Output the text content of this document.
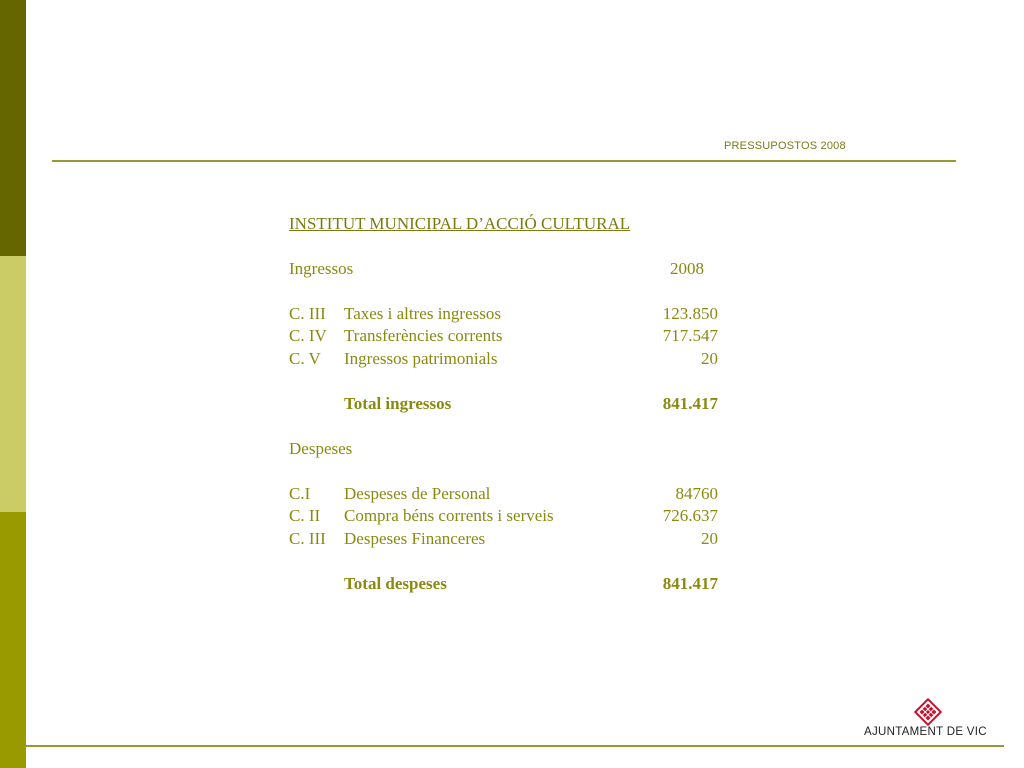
PRESSUPOSTOS 2008
INSTITUT MUNICIPAL D’ACCIÓ CULTURAL
Ingressos	2008
C. III Taxes i altres ingressos	123.850
C. IV Transferències corrents	717.547
C. V Ingressos patrimonials	20
Total ingressos	841.417
Despeses
C.I Despeses de Personal	84760
C. II Compra béns corrents i serveis	726.637
C. III Despeses Financeres	20
Total despeses	841.417
AJUNTAMENT DE VIC
